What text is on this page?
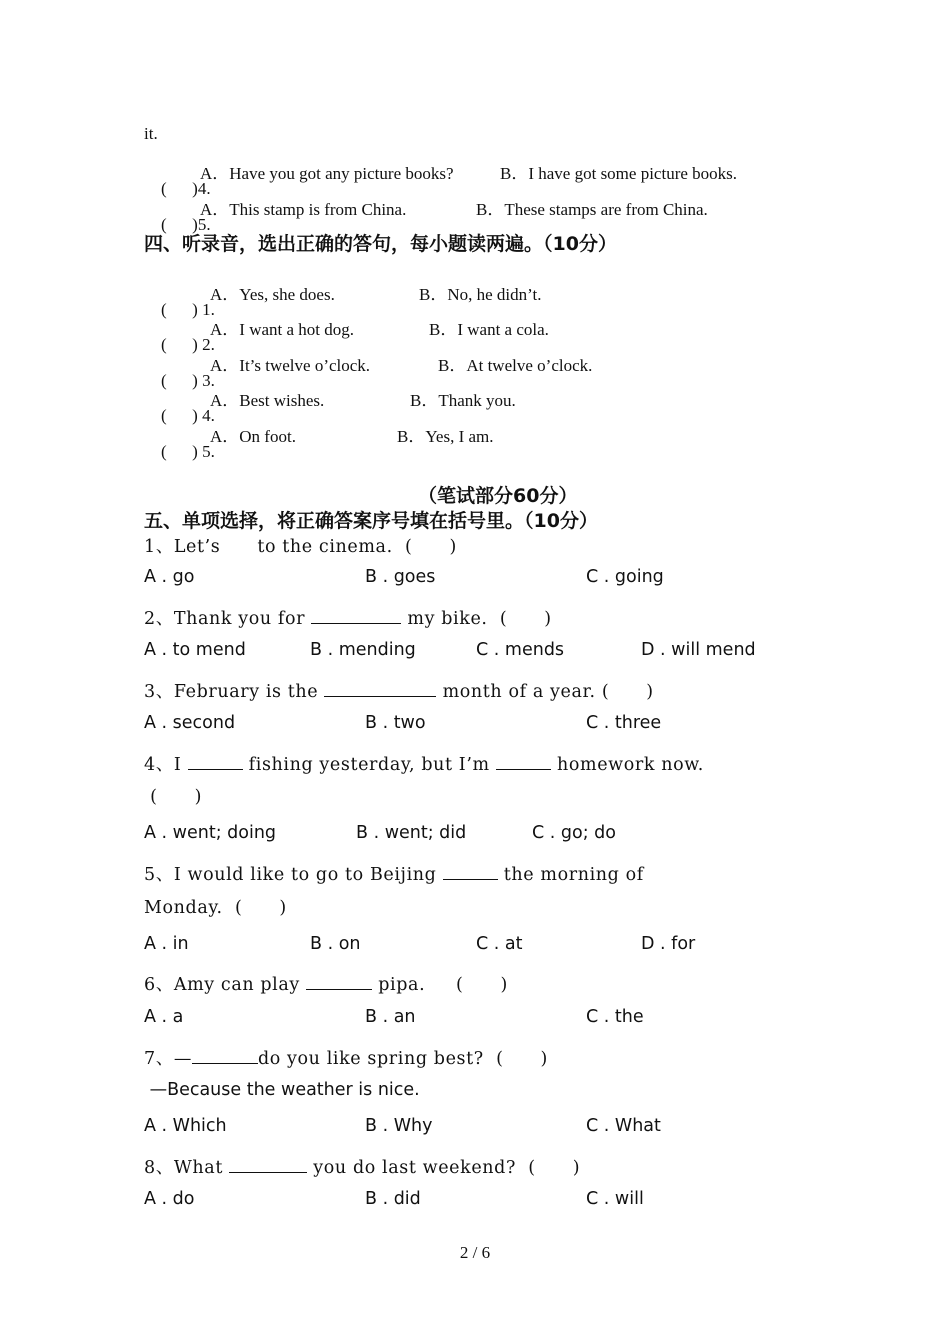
it.

(      )4.

A．Have you got any picture books?

	B．I have got some picture books.

(      )5.

A．This stamp is from China.

	B．These stamps are from China.

四、听录音，选出正确的答句，每小题读两遍。（10分）

(      ) 1.

A．Yes, she does.

	B．No, he didn’t.

(      ) 2.

A．I want a hot dog.

	B．I want a cola.

(      ) 3.

A．It’s twelve o’clock.

	B．At twelve o’clock.

(      ) 4.

A．Best wishes.

	B．Thank you.

(      ) 5.

A．On foot.

	B．Yes, I am.

（笔试部分60分）
五、单项选择，将正确答案序号填在括号里。（10分）
1、Let’s      to the cinema.  (      )

A . go

	B . goes

	C . going

2、Thank you for	my bike.  (      )

A . to mend

	B . mending

	C . mends

	D . will mend

3、February is the	month of a year. (      )

A . second

	B . two

	C . three

4、I	fishing yesterday, but I’m	homework now.
(      )

A . went; doing

	B . went; did

	C . go; do

5、I would like to go to Beijing	the morning of
Monday.  (      )

A . in

	B . on

	C . at

	D . for

6、Amy can play	pipa.     (      )

A . a

	B . an

	C . the

7、—	do you like spring best?  (      )
—Because the weather is nice.

A . Which

	B . Why

	C . What

8、What	you do last weekend?  (      )

A . do

	B . did

	C . will

2 / 6
